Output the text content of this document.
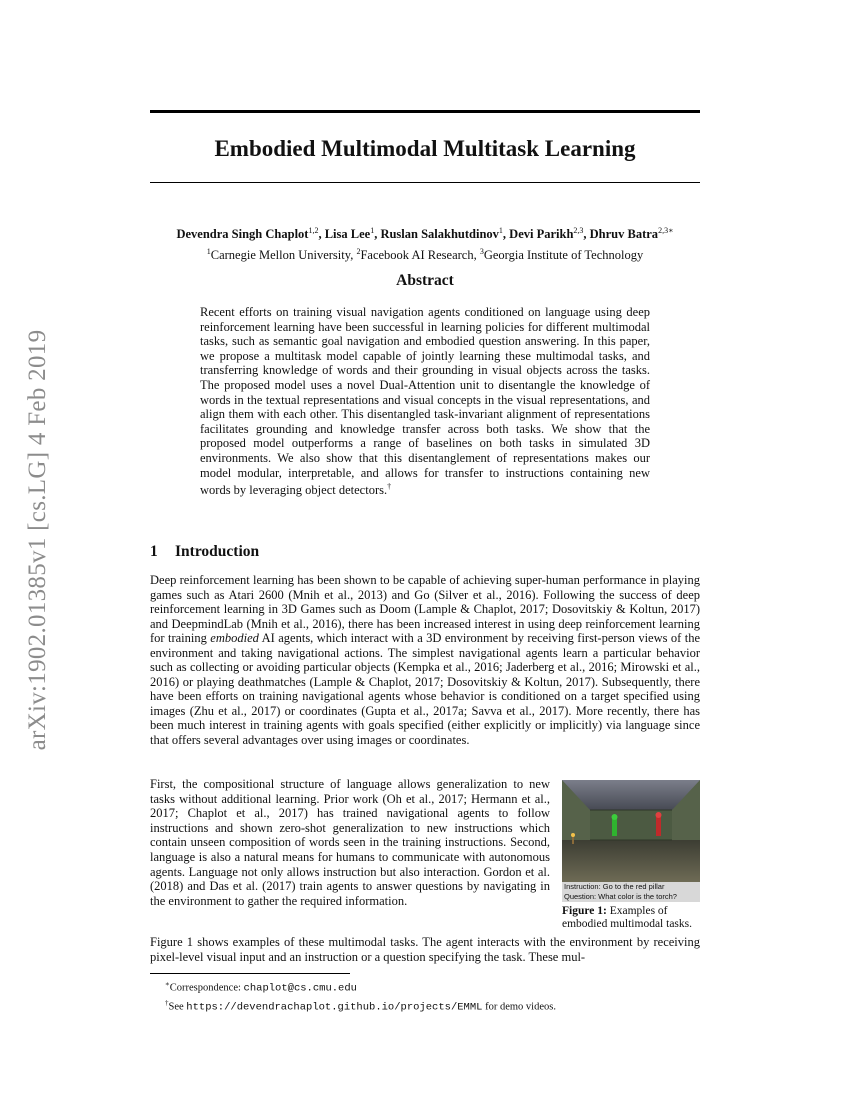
arXiv:1902.01385v1 [cs.LG] 4 Feb 2019
Embodied Multimodal Multitask Learning
Devendra Singh Chaplot$^{1,2}$, Lisa Lee$^1$, Ruslan Salakhutdinov$^1$, Devi Parikh$^{2,3}$, Dhruv Batra$^{2,3∗}$
$^1$Carnegie Mellon University, $^2$Facebook AI Research, $^3$Georgia Institute of Technology
Abstract

Recent efforts on training visual navigation agents conditioned on language using deep reinforcement learning have been successful in learning policies for different multimodal tasks, such as semantic goal navigation and embodied question answering. In this paper, we propose a multitask model capable of jointly learning these multimodal tasks, and transferring knowledge of words and their grounding in visual objects across the tasks. The proposed model uses a novel Dual-Attention unit to disentangle the knowledge of words in the textual representations and visual concepts in the visual representations, and align them with each other. This disentangled task-invariant alignment of representations facilitates grounding and knowledge transfer across both tasks. We show that the proposed model outperforms a range of baselines on both tasks in simulated 3D environments. We also show that this disentanglement of representations makes our model modular, interpretable, and allows for transfer to instructions containing new words by leveraging object detectors.†

1 Introduction

Deep reinforcement learning has been shown to be capable of achieving super-human performance in playing games such as Atari 2600 (Mnih et al., 2013) and Go (Silver et al., 2016). Following the success of deep reinforcement learning in 3D Games such as Doom (Lample & Chaplot, 2017; Dosovitskiy & Koltun, 2017) and DeepmindLab (Mnih et al., 2016), there has been increased interest in using deep reinforcement learning for training embodied AI agents, which interact with a 3D environment by receiving first-person views of the environment and taking navigational actions. The simplest navigational agents learn a particular behavior such as collecting or avoiding particular objects (Kempka et al., 2016; Jaderberg et al., 2016; Mirowski et al., 2016) or playing deathmatches (Lample & Chaplot, 2017; Dosovitskiy & Koltun, 2017). Subsequently, there have been efforts on training navigational agents whose behavior is conditioned on a target specified using images (Zhu et al., 2017) or coordinates (Gupta et al., 2017a; Savva et al., 2017). More recently, there has been much interest in training agents with goals specified (either explicitly or implicitly) via language since that offers several advantages over using images or coordinates.

First, the compositional structure of language allows generalization to new tasks without additional learning. Prior work (Oh et al., 2017; Hermann et al., 2017; Chaplot et al., 2017) has trained navigational agents to follow instructions and shown zero-shot generalization to new instructions which contain unseen composition of words seen in the training instructions. Second, language is also a natural means for humans to communicate with autonomous agents. Language not only allows instruction but also interaction. Gordon et al. (2018) and Das et al. (2017) train agents to answer questions by navigating in the environment to gather the required information.

Instruction: Go to the red pillar
Question: What color is the torch?

Figure 1: Examples of embodied multimodal tasks.

Figure 1 shows examples of these multimodal tasks. The agent interacts with the environment by receiving pixel-level visual input and an instruction or a question specifying the task. These mul-

∗Correspondence: chaplot@cs.cmu.edu
†See https://devendrachaplot.github.io/projects/EMML for demo videos.
